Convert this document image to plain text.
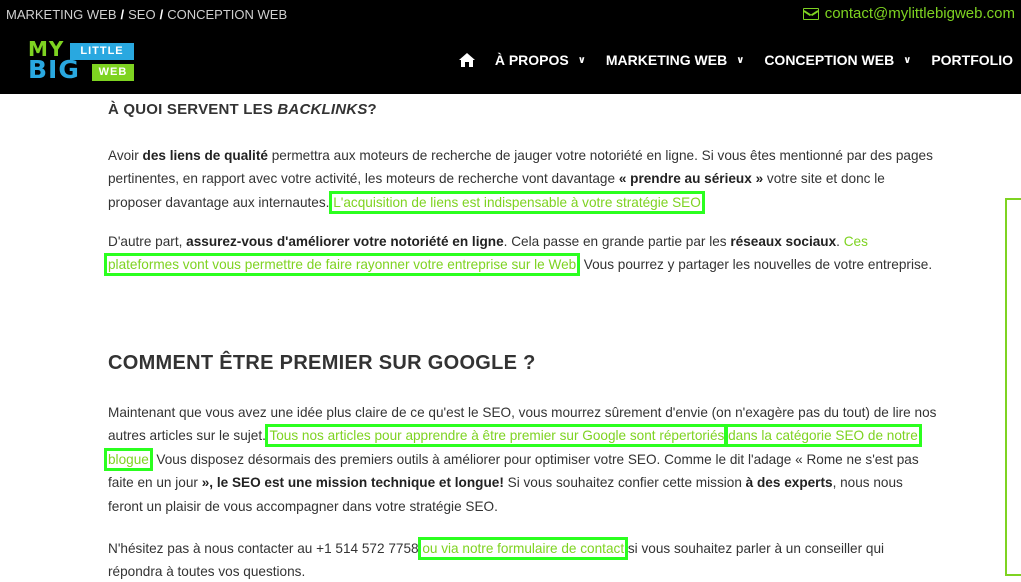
MARKETING WEB / SEO / CONCEPTION WEB	contact@mylittlebigweb.com
MY	LITTLE
BIG	WEB
À PROPOS ∨ MARKETING WEB ∨ CONCEPTION WEB ∨ PORTFOLIO
À QUOI SERVENT LES BACKLINKS?

Avoir des liens de qualité permettra aux moteurs de recherche de jauger votre notoriété en ligne. Si vous êtes mentionné par des pages pertinentes, en rapport avec votre activité, les moteurs de recherche vont davantage « prendre au sérieux » votre site et donc le proposer davantage aux internautes. L'acquisition de liens est indispensable à votre stratégie SEO.

D'autre part, assurez-vous d'améliorer votre notoriété en ligne. Cela passe en grande partie par les réseaux sociaux. Ces plateformes vont vous permettre de faire rayonner votre entreprise sur le Web. Vous pourrez y partager les nouvelles de votre entreprise.

COMMENT ÊTRE PREMIER SUR GOOGLE ?

Maintenant que vous avez une idée plus claire de ce qu'est le SEO, vous mourrez sûrement d'envie (on n'exagère pas du tout) de lire nos autres articles sur le sujet. Tous nos articles pour apprendre à être premier sur Google sont répertoriés dans la catégorie SEO de notre blogue. Vous disposez désormais des premiers outils à améliorer pour optimiser votre SEO. Comme le dit l'adage « Rome ne s'est pas faite en un jour », le SEO est une mission technique et longue! Si vous souhaitez confier cette mission à des experts, nous nous feront un plaisir de vous accompagner dans votre stratégie SEO.

N'hésitez pas à nous contacter au +1 514 572 7758 ou via notre formulaire de contact si vous souhaitez parler à un conseiller qui répondra à toutes vos questions.
